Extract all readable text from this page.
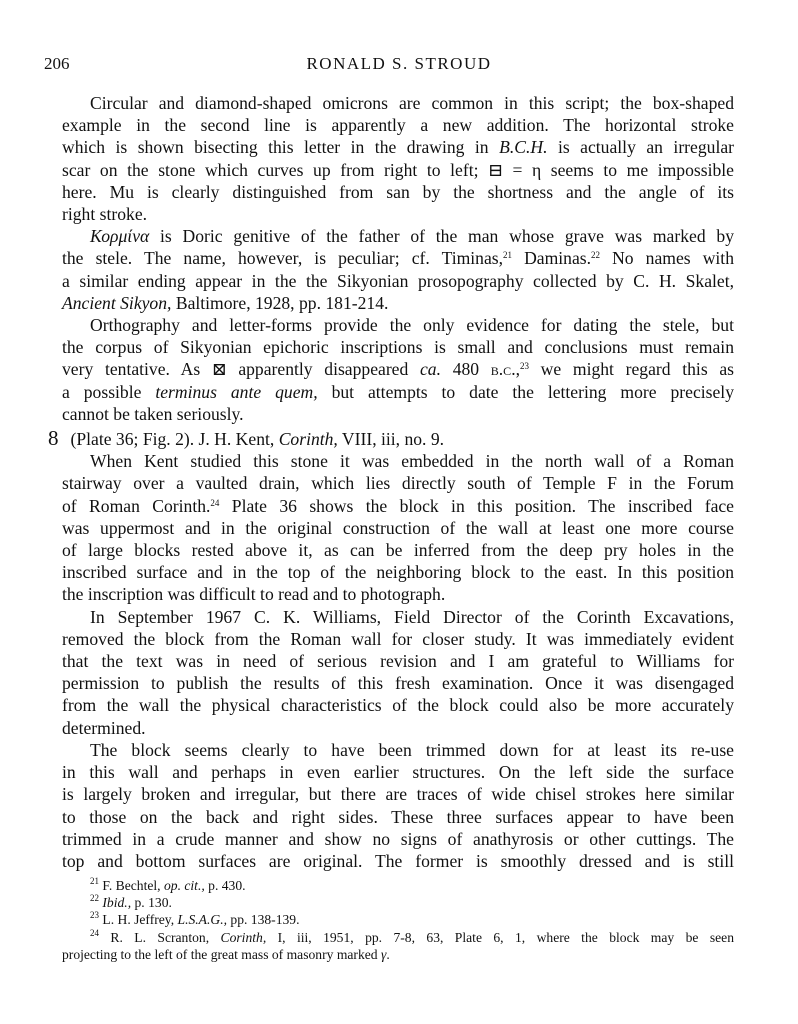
206	RONALD S. STROUD
Circular and diamond-shaped omicrons are common in this script; the box-shaped
example in the second line is apparently a new addition. The horizontal stroke
which is shown bisecting this letter in the drawing in B.C.H. is actually an irregular
scar on the stone which curves up from right to left; ⊟ = η seems to me impossible
here. Mu is clearly distinguished from san by the shortness and the angle of its
right stroke.
Κορμίνα is Doric genitive of the father of the man whose grave was marked by
the stele. The name, however, is peculiar; cf. Timinas,$^{21}$ Daminas.$^{22}$ No names with
a similar ending appear in the the Sikyonian prosopography collected by C. H. Skalet,
Ancient Sikyon, Baltimore, 1928, pp. 181-214.
Orthography and letter-forms provide the only evidence for dating the stele, but
the corpus of Sikyonian epichoric inscriptions is small and conclusions must remain
very tentative. As ⊠ apparently disappeared ca. 480 b.c.,$^{23}$ we might regard this as
a possible terminus ante quem, but attempts to date the lettering more precisely
cannot be taken seriously.
8 (Plate 36; Fig. 2). J. H. Kent, Corinth, VIII, iii, no. 9.
When Kent studied this stone it was embedded in the north wall of a Roman
stairway over a vaulted drain, which lies directly south of Temple F in the Forum
of Roman Corinth.$^{24}$ Plate 36 shows the block in this position. The inscribed face
was uppermost and in the original construction of the wall at least one more course
of large blocks rested above it, as can be inferred from the deep pry holes in the
inscribed surface and in the top of the neighboring block to the east. In this position
the inscription was difficult to read and to photograph.
In September 1967 C. K. Williams, Field Director of the Corinth Excavations,
removed the block from the Roman wall for closer study. It was immediately evident
that the text was in need of serious revision and I am grateful to Williams for
permission to publish the results of this fresh examination. Once it was disengaged
from the wall the physical characteristics of the block could also be more accurately
determined.
The block seems clearly to have been trimmed down for at least its re-use
in this wall and perhaps in even earlier structures. On the left side the surface
is largely broken and irregular, but there are traces of wide chisel strokes here similar
to those on the back and right sides. These three surfaces appear to have been
trimmed in a crude manner and show no signs of anathyrosis or other cuttings. The
top and bottom surfaces are original. The former is smoothly dressed and is still
$^{21}$ F. Bechtel, op. cit., p. 430.
$^{22}$ Ibid., p. 130.
$^{23}$ L. H. Jeffrey, L.S.A.G., pp. 138-139.
$^{24}$ R. L. Scranton, Corinth, I, iii, 1951, pp. 7-8, 63, Plate 6, 1, where the block may be seen
projecting to the left of the great mass of masonry marked γ.
